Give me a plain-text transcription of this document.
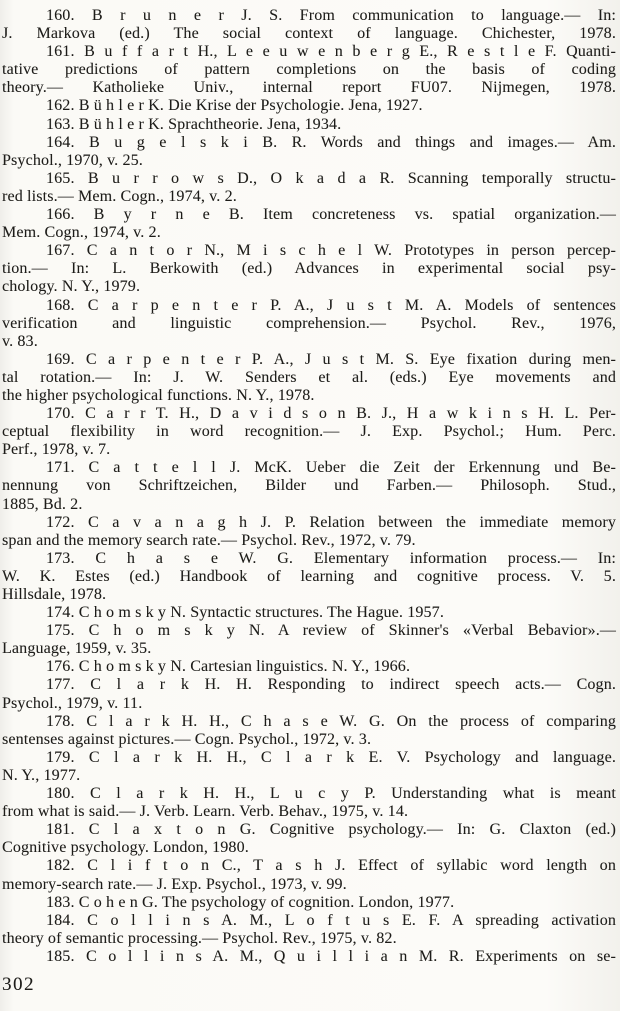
160. B r u n e r J. S. From communication to language.— In:
J. Markova (ed.) The social context of language. Chichester, 1978.
161. B u f f a r t H., L e e u w e n b e r g E., R e s t l e F. Quanti-
tative predictions of pattern completions on the basis of coding
theory.— Katholieke Univ., internal report FU07. Nijmegen, 1978.
162. B ü h l e r K. Die Krise der Psychologie. Jena, 1927.
163. B ü h l e r K. Sprachtheorie. Jena, 1934.
164. B u g e l s k i B. R. Words and things and images.— Am.
Psychol., 1970, v. 25.
165. B u r r o w s D., O k a d a R. Scanning temporally structu-
red lists.— Mem. Cogn., 1974, v. 2.
166. B y r n e B. Item concreteness vs. spatial organization.—
Mem. Cogn., 1974, v. 2.
167. C a n t o r N., M i s c h e l W. Prototypes in person percep-
tion.— In: L. Berkowith (ed.) Advances in experimental social psy-
chology. N. Y., 1979.
168. C a r p e n t e r P. A., J u s t M. A. Models of sentences
verification and linguistic comprehension.— Psychol. Rev., 1976,
v. 83.
169. C a r p e n t e r P. A., J u s t M. S. Eye fixation during men-
tal rotation.— In: J. W. Senders et al. (eds.) Eye movements and
the higher psychological functions. N. Y., 1978.
170. C a r r T. H., D a v i d s o n B. J., H a w k i n s H. L. Per-
ceptual flexibility in word recognition.— J. Exp. Psychol.; Hum. Perc.
Perf., 1978, v. 7.
171. C a t t e l l J. McK. Ueber die Zeit der Erkennung und Be-
nennung von Schriftzeichen, Bilder und Farben.— Philosoph. Stud.,
1885, Bd. 2.
172. C a v a n a g h J. P. Relation between the immediate memory
span and the memory search rate.— Psychol. Rev., 1972, v. 79.
173. C h a s e W. G. Elementary information process.— In:
W. K. Estes (ed.) Handbook of learning and cognitive process. V. 5.
Hillsdale, 1978.
174. C h o m s k y N. Syntactic structures. The Hague. 1957.
175. C h o m s k y N. A review of Skinner's «Verbal Bebavior».—
Language, 1959, v. 35.
176. C h o m s k y N. Cartesian linguistics. N. Y., 1966.
177. C l a r k H. H. Responding to indirect speech acts.— Cogn.
Psychol., 1979, v. 11.
178. C l a r k H. H., C h a s e W. G. On the process of comparing
sentenses against pictures.— Cogn. Psychol., 1972, v. 3.
179. C l a r k H. H., C l a r k E. V. Psychology and language.
N. Y., 1977.
180. C l a r k H. H., L u c y P. Understanding what is meant
from what is said.— J. Verb. Learn. Verb. Behav., 1975, v. 14.
181. C l a x t o n G. Cognitive psychology.— In: G. Claxton (ed.)
Cognitive psychology. London, 1980.
182. C l i f t o n C., T a s h J. Effect of syllabic word length on
memory-search rate.— J. Exp. Psychol., 1973, v. 99.
183. C o h e n G. The psychology of cognition. London, 1977.
184. C o l l i n s A. M., L o f t u s E. F. A spreading activation
theory of semantic processing.— Psychol. Rev., 1975, v. 82.
185. C o l l i n s A. M., Q u i l l i a n M. R. Experiments on se-
302
